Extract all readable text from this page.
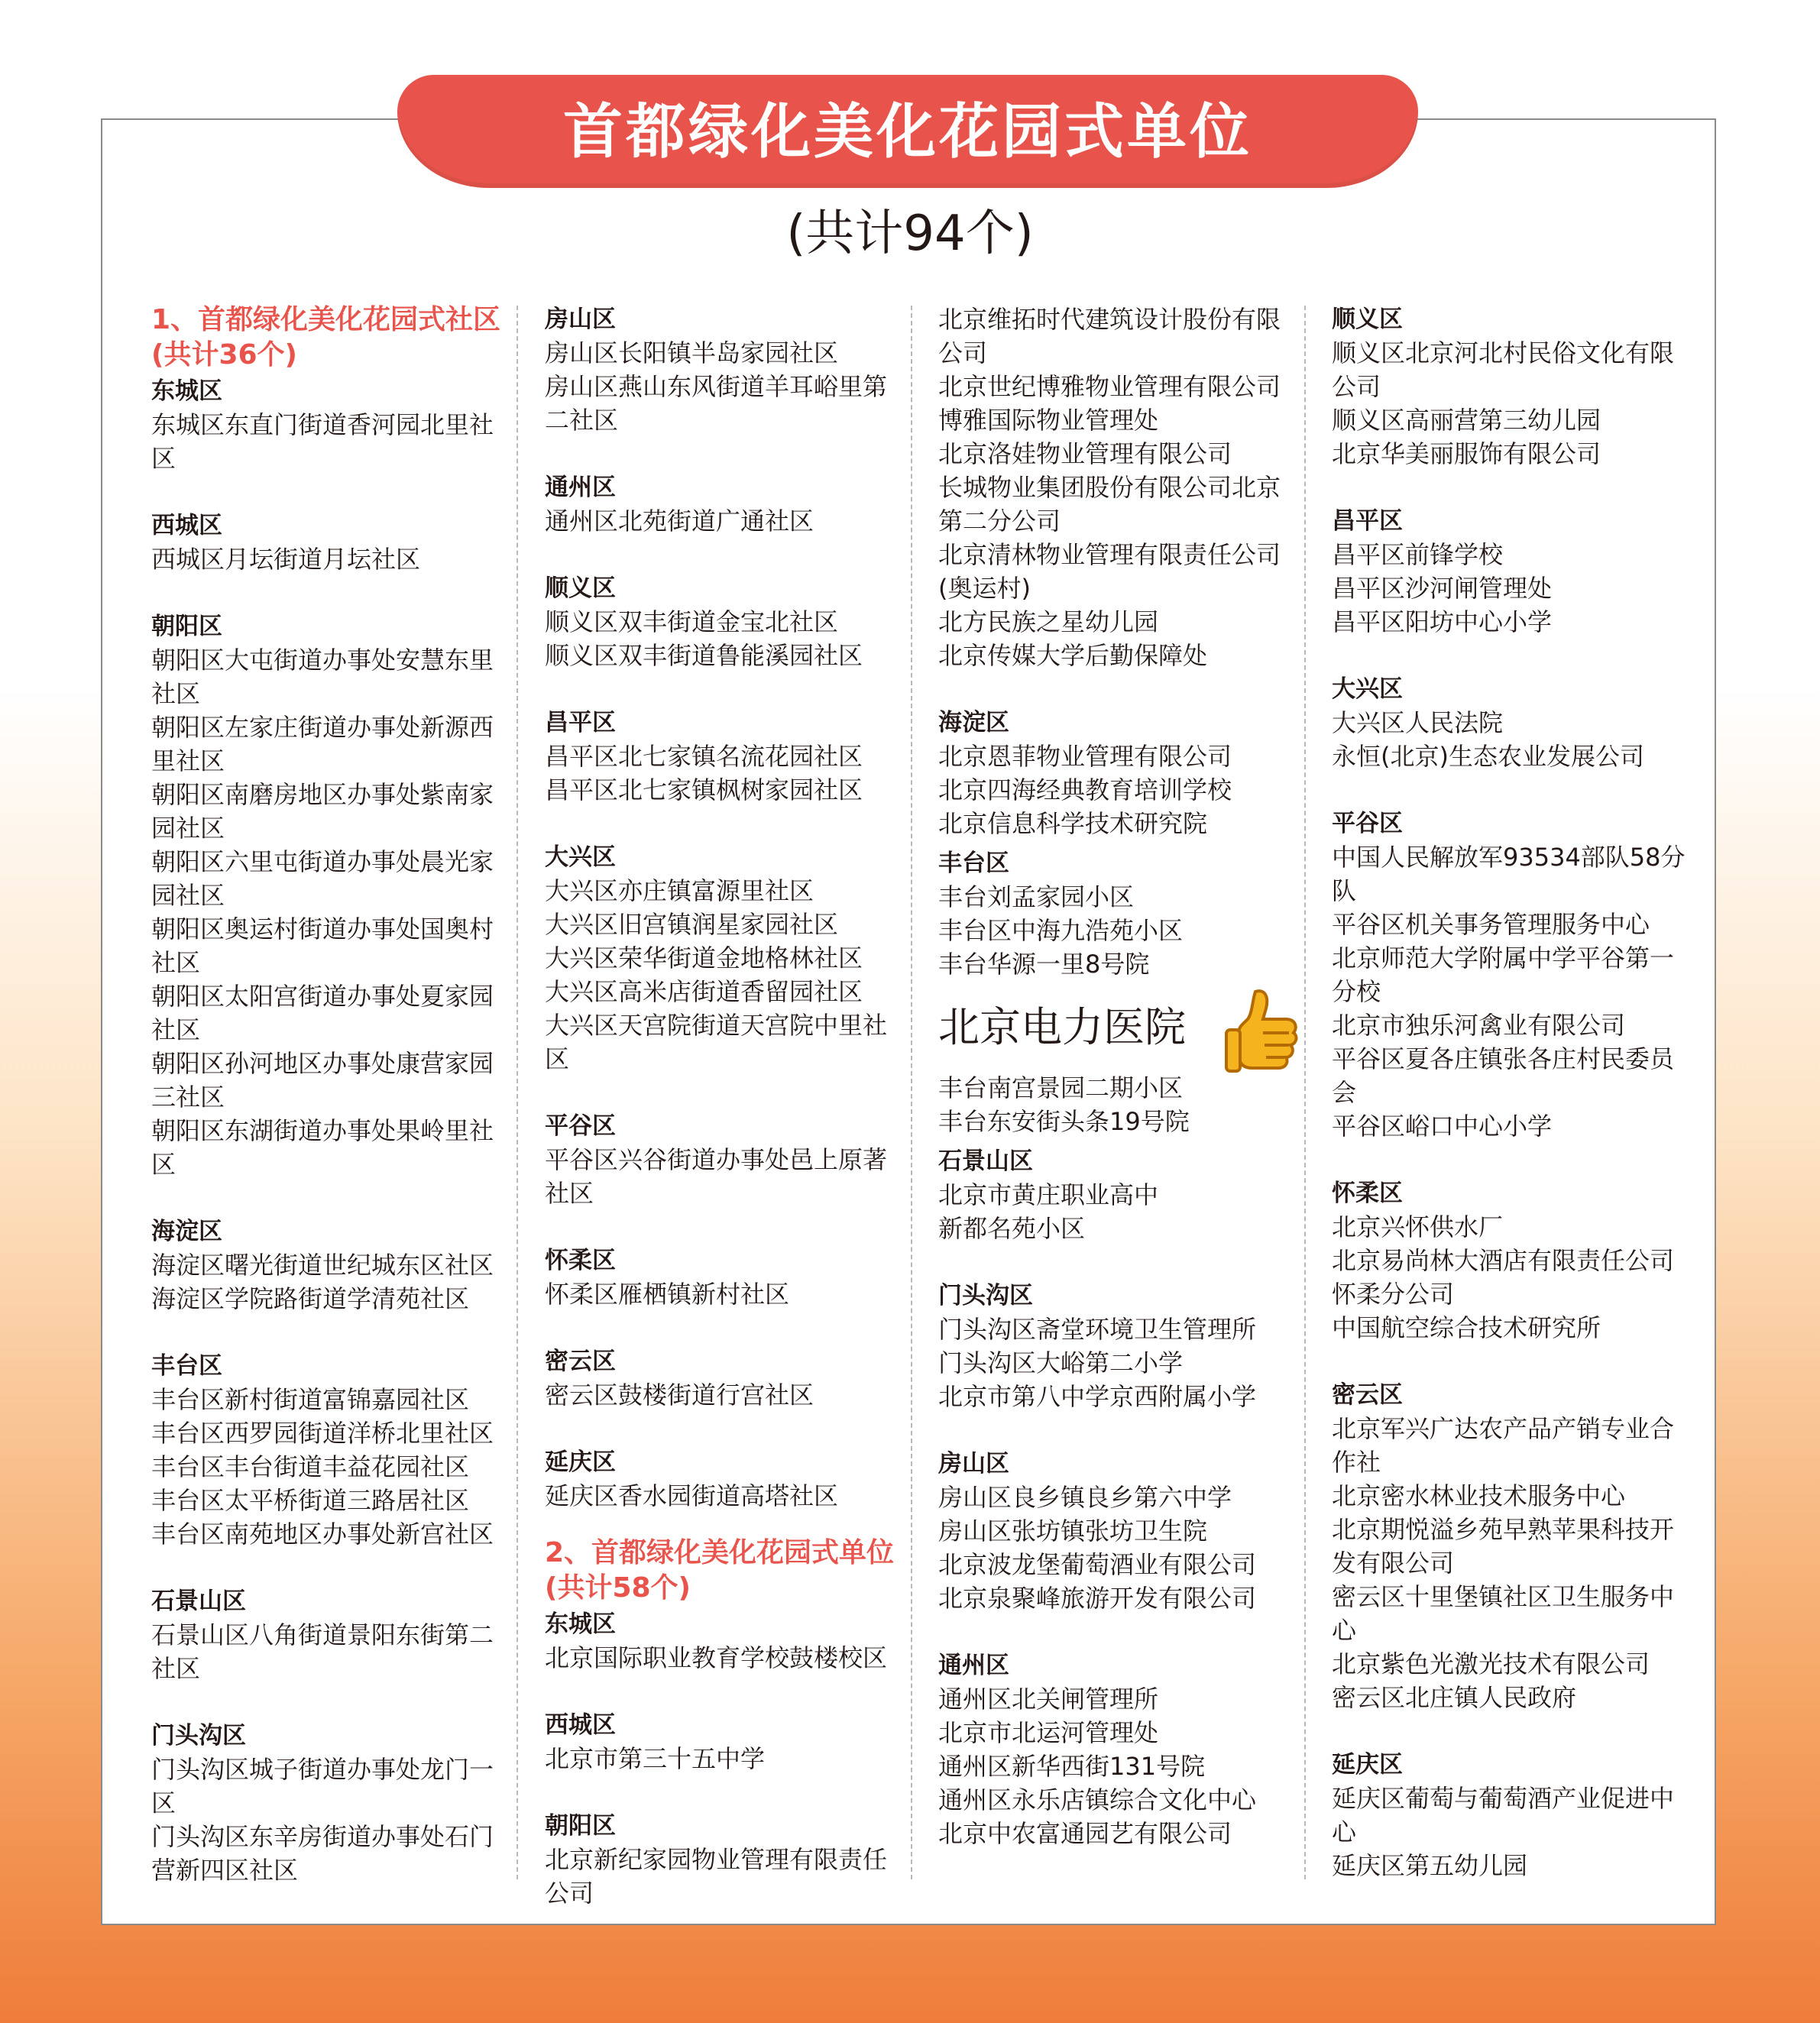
首都绿化美化花园式单位
(共计94个)
1、首都绿化美化花园式社区(共计36个)
东城区
东城区东直门街道香河园北里社区
西城区
西城区月坛街道月坛社区
朝阳区
朝阳区大屯街道办事处安慧东里社区
朝阳区左家庄街道办事处新源西里社区
朝阳区南磨房地区办事处紫南家园社区
朝阳区六里屯街道办事处晨光家园社区
朝阳区奥运村街道办事处国奥村社区
朝阳区太阳宫街道办事处夏家园社区
朝阳区孙河地区办事处康营家园三社区
朝阳区东湖街道办事处果岭里社区
海淀区
海淀区曙光街道世纪城东区社区
海淀区学院路街道学清苑社区
丰台区
丰台区新村街道富锦嘉园社区
丰台区西罗园街道洋桥北里社区
丰台区丰台街道丰益花园社区
丰台区太平桥街道三路居社区
丰台区南苑地区办事处新宫社区
石景山区
石景山区八角街道景阳东街第二社区
门头沟区
门头沟区城子街道办事处龙门一区
门头沟区东辛房街道办事处石门营新四区社区
房山区
房山区长阳镇半岛家园社区
房山区燕山东风街道羊耳峪里第二社区
通州区
通州区北苑街道广通社区
顺义区
顺义区双丰街道金宝北社区
顺义区双丰街道鲁能溪园社区
昌平区
昌平区北七家镇名流花园社区
昌平区北七家镇枫树家园社区
大兴区
大兴区亦庄镇富源里社区
大兴区旧宫镇润星家园社区
大兴区荣华街道金地格林社区
大兴区高米店街道香留园社区
大兴区天宫院街道天宫院中里社区
平谷区
平谷区兴谷街道办事处邑上原著社区
怀柔区
怀柔区雁栖镇新村社区
密云区
密云区鼓楼街道行宫社区
延庆区
延庆区香水园街道高塔社区
2、首都绿化美化花园式单位(共计58个)
东城区
北京国际职业教育学校鼓楼校区
西城区
北京市第三十五中学
朝阳区
北京新纪家园物业管理有限责任公司
北京维拓时代建筑设计股份有限公司
北京世纪博雅物业管理有限公司博雅国际物业管理处
北京洛娃物业管理有限公司
长城物业集团股份有限公司北京第二分公司
北京清林物业管理有限责任公司(奥运村)
北方民族之星幼儿园
北京传媒大学后勤保障处
海淀区
北京恩菲物业管理有限公司
北京四海经典教育培训学校
北京信息科学技术研究院
丰台区
丰台刘孟家园小区
丰台区中海九浩苑小区
丰台华源一里8号院
北京电力医院
丰台南宫景园二期小区
丰台东安街头条19号院
石景山区
北京市黄庄职业高中
新都名苑小区
门头沟区
门头沟区斋堂环境卫生管理所
门头沟区大峪第二小学
北京市第八中学京西附属小学
房山区
房山区良乡镇良乡第六中学
房山区张坊镇张坊卫生院
北京波龙堡葡萄酒业有限公司
北京泉聚峰旅游开发有限公司
通州区
通州区北关闸管理所
北京市北运河管理处
通州区新华西街131号院
通州区永乐店镇综合文化中心
北京中农富通园艺有限公司
顺义区
顺义区北京河北村民俗文化有限公司
顺义区高丽营第三幼儿园
北京华美丽服饰有限公司
昌平区
昌平区前锋学校
昌平区沙河闸管理处
昌平区阳坊中心小学
大兴区
大兴区人民法院
永恒(北京)生态农业发展公司
平谷区
中国人民解放军93534部队58分队
平谷区机关事务管理服务中心
北京师范大学附属中学平谷第一分校
北京市独乐河禽业有限公司
平谷区夏各庄镇张各庄村民委员会
平谷区峪口中心小学
怀柔区
北京兴怀供水厂
北京易尚林大酒店有限责任公司怀柔分公司
中国航空综合技术研究所
密云区
北京军兴广达农产品产销专业合作社
北京密水林业技术服务中心
北京期悦溢乡苑早熟苹果科技开发有限公司
密云区十里堡镇社区卫生服务中心
北京紫色光激光技术有限公司
密云区北庄镇人民政府
延庆区
延庆区葡萄与葡萄酒产业促进中心
延庆区第五幼儿园
